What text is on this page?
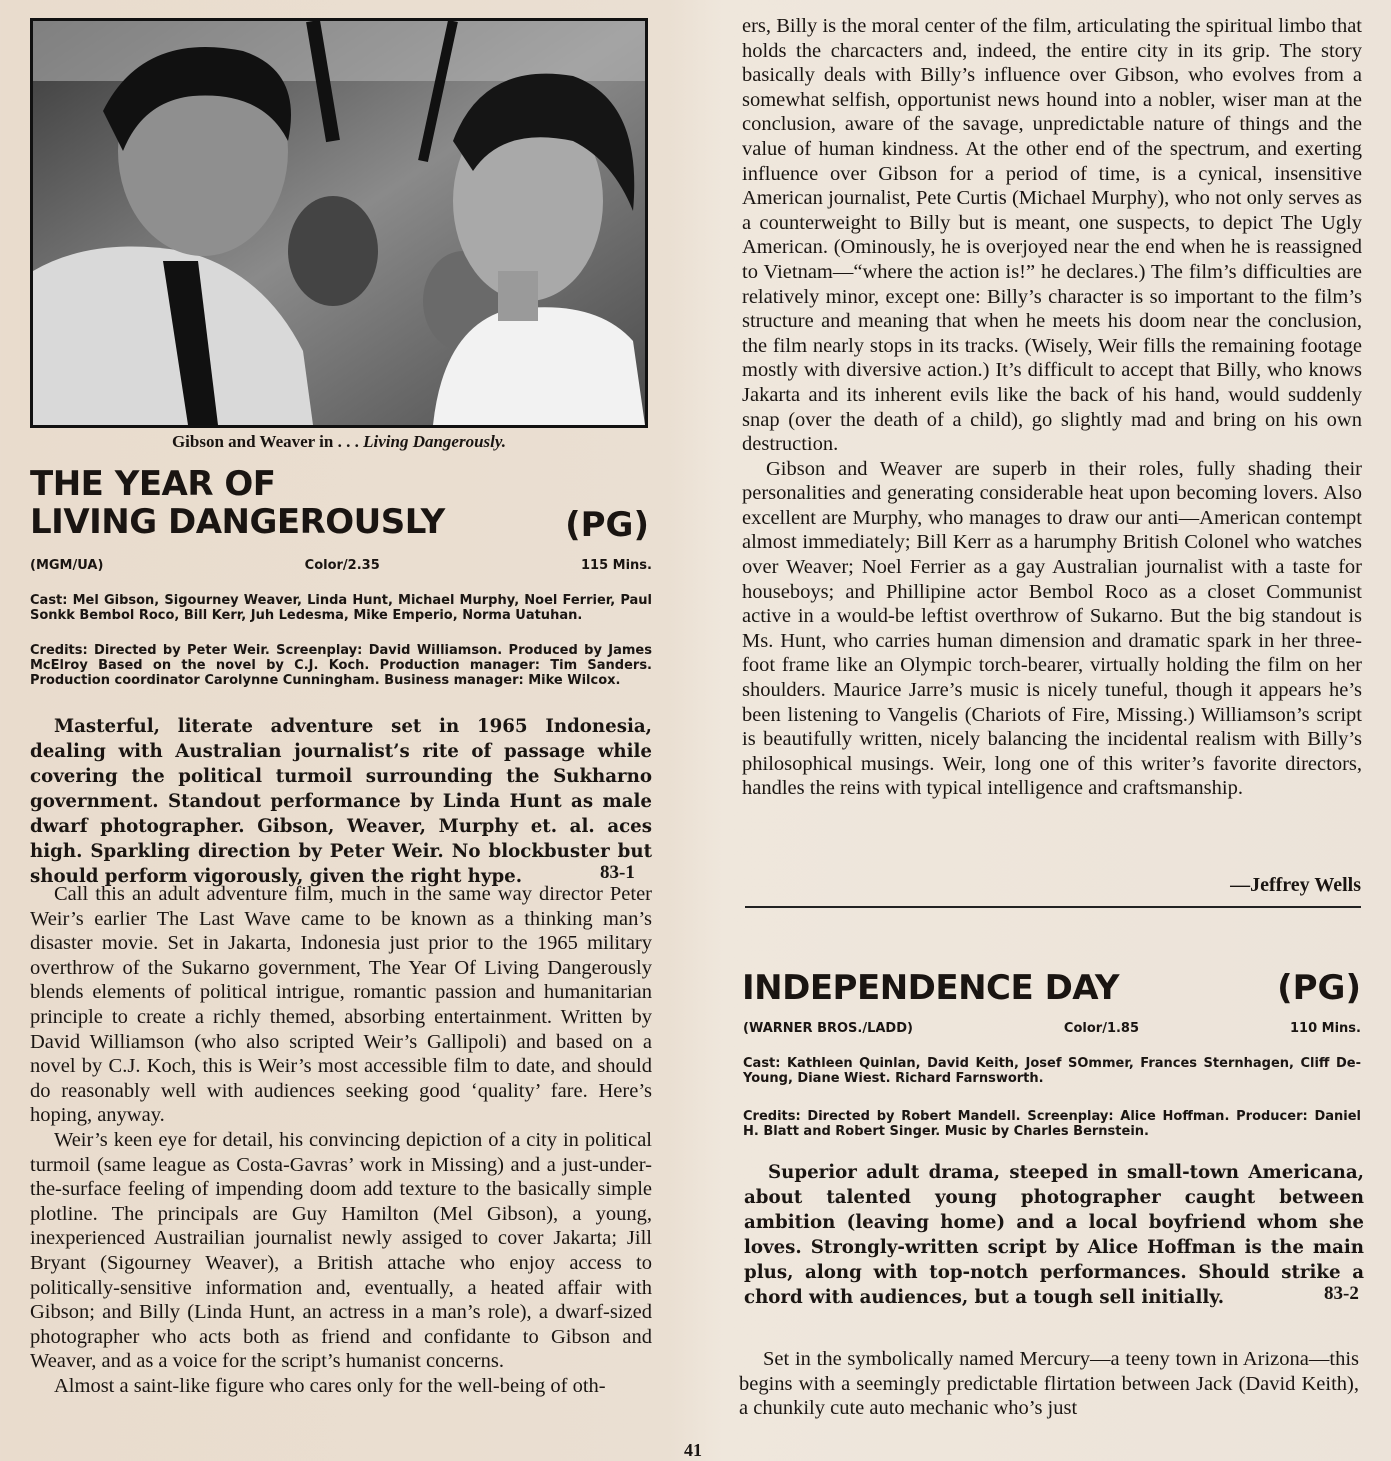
Gibson and Weaver in . . . Living Dangerously.
THE YEAR OF
LIVING DANGEROUSLY	(PG)
(MGM/UA)	Color/2.35	115 Mins.
Cast: Mel Gibson, Sigourney Weaver, Linda Hunt, Michael Murphy, Noel Ferrier, Paul Sonkk Bembol Roco, Bill Kerr, Juh Ledesma, Mike Emperio, Norma Uatuhan.
Credits: Directed by Peter Weir. Screenplay: David Williamson. Produced by James McElroy Based on the novel by C.J. Koch. Production manager: Tim Sanders. Production coordinator Carolynne Cunningham. Business manager: Mike Wilcox.
Masterful, literate adventure set in 1965 Indonesia, dealing with Australian journalist’s rite of passage while covering the political turmoil surrounding the Sukharno government. Standout performance by Linda Hunt as male dwarf photographer. Gibson, Weaver, Murphy et. al. aces high. Sparkling direction by Peter Weir. No blockbuster but should perform vigorously, given the right hype.	83-1

Call this an adult adventure film, much in the same way director Peter Weir’s earlier The Last Wave came to be known as a thinking man’s disaster movie. Set in Jakarta, Indonesia just prior to the 1965 military overthrow of the Sukarno government, The Year Of Living Dangerously blends elements of political intrigue, romantic passion and humanitarian principle to create a richly themed, absorbing entertainment. Written by David Williamson (who also scripted Weir’s Gallipoli) and based on a novel by C.J. Koch, this is Weir’s most accessible film to date, and should do reasonably well with audiences seeking good ‘quality’ fare. Here’s hoping, anyway.

Weir’s keen eye for detail, his convincing depiction of a city in political turmoil (same league as Costa-Gavras’ work in Missing) and a just-under-the-surface feeling of impending doom add texture to the basically simple plotline. The principals are Guy Hamilton (Mel Gibson), a young, inexperienced Austrailian journalist newly assiged to cover Jakarta; Jill Bryant (Sigourney Weaver), a British attache who enjoy access to politically-sensitive information and, eventually, a heated affair with Gibson; and Billy (Linda Hunt, an actress in a man’s role), a dwarf-sized photographer who acts both as friend and confidante to Gibson and Weaver, and as a voice for the script’s humanist concerns.

Almost a saint-like figure who cares only for the well-being of oth-

ers, Billy is the moral center of the film, articulating the spiritual limbo that holds the charcacters and, indeed, the entire city in its grip. The story basically deals with Billy’s influence over Gibson, who evolves from a somewhat selfish, opportunist news hound into a nobler, wiser man at the conclusion, aware of the savage, unpredictable nature of things and the value of human kindness. At the other end of the spectrum, and exerting influence over Gibson for a period of time, is a cynical, insensitive American journalist, Pete Curtis (Michael Murphy), who not only serves as a counterweight to Billy but is meant, one suspects, to depict The Ugly American. (Ominously, he is overjoyed near the end when he is reassigned to Vietnam—“where the action is!” he declares.) The film’s difficulties are relatively minor, except one: Billy’s character is so important to the film’s structure and meaning that when he meets his doom near the conclusion, the film nearly stops in its tracks. (Wisely, Weir fills the remaining footage mostly with diversive action.) It’s difficult to accept that Billy, who knows Jakarta and its inherent evils like the back of his hand, would suddenly snap (over the death of a child), go slightly mad and bring on his own destruction.

Gibson and Weaver are superb in their roles, fully shading their personalities and generating considerable heat upon becoming lovers. Also excellent are Murphy, who manages to draw our anti—American contempt almost immediately; Bill Kerr as a harumphy British Colonel who watches over Weaver; Noel Ferrier as a gay Australian journalist with a taste for houseboys; and Phillipine actor Bembol Roco as a closet Communist active in a would-be leftist overthrow of Sukarno. But the big standout is Ms. Hunt, who carries human dimension and dramatic spark in her three-foot frame like an Olympic torch-bearer, virtually holding the film on her shoulders. Maurice Jarre’s music is nicely tuneful, though it appears he’s been listening to Vangelis (Chariots of Fire, Missing.) Williamson’s script is beautifully written, nicely balancing the incidental realism with Billy’s philosophical musings. Weir, long one of this writer’s favorite directors, handles the reins with typical intelligence and craftsmanship.

—Jeffrey Wells
INDEPENDENCE DAY	(PG)
(WARNER BROS./LADD)	Color/1.85	110 Mins.
Cast: Kathleen Quinlan, David Keith, Josef SOmmer, Frances Sternhagen, Cliff De-Young, Diane Wiest. Richard Farnsworth.
Credits: Directed by Robert Mandell. Screenplay: Alice Hoffman. Producer: Daniel H. Blatt and Robert Singer. Music by Charles Bernstein.
Superior adult drama, steeped in small-town Americana, about talented young photographer caught between ambition (leaving home) and a local boyfriend whom she loves. Strongly-written script by Alice Hoffman is the main plus, along with top-notch performances. Should strike a chord with audiences, but a tough sell initially.	83-2

Set in the symbolically named Mercury—a teeny town in Arizona—this begins with a seemingly predictable flirtation between Jack (David Keith), a chunkily cute auto mechanic who’s just

41
